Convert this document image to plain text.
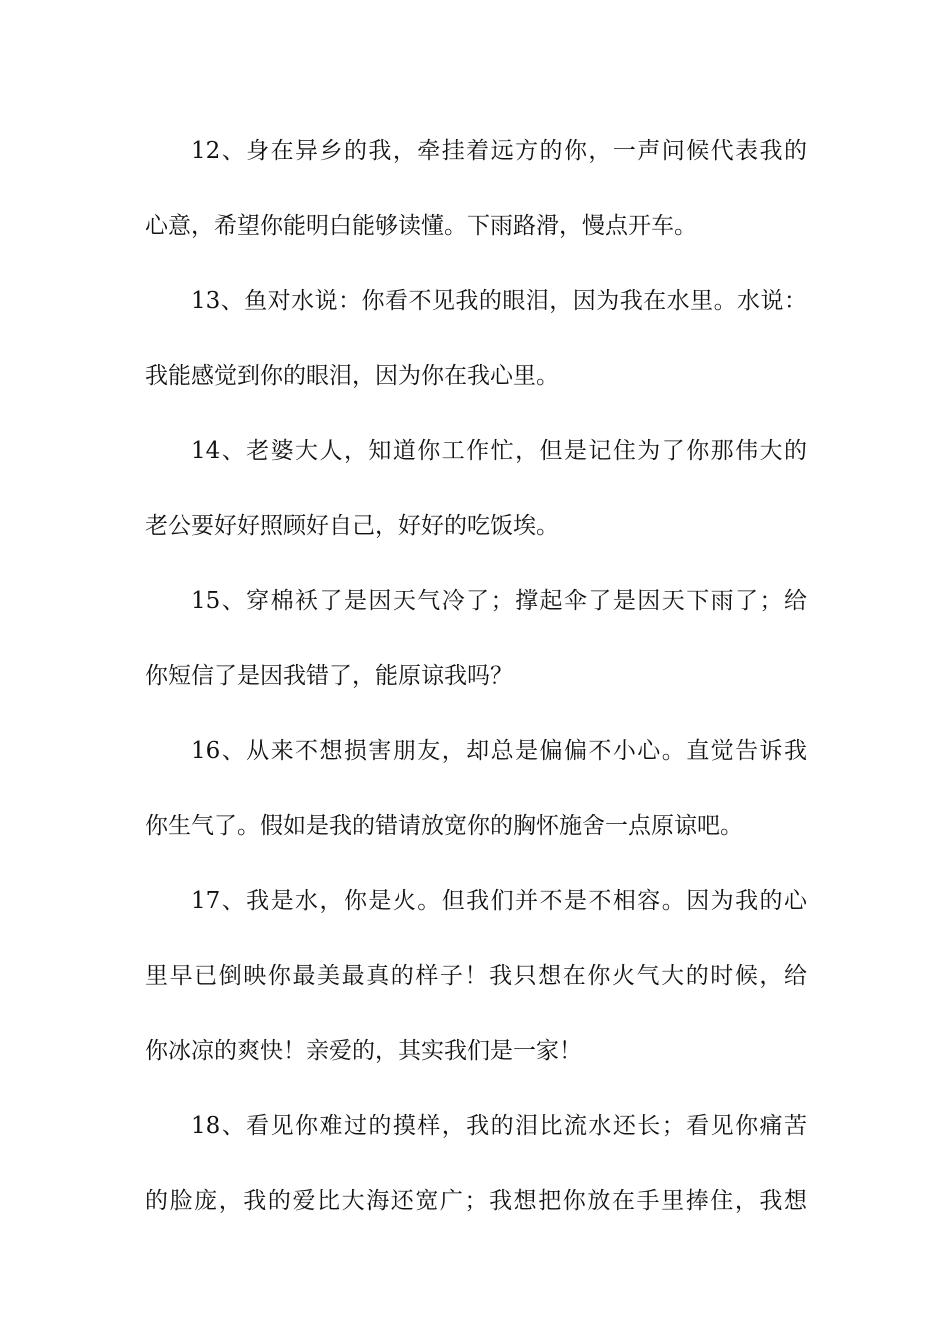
12、身在异乡的我，牵挂着远方的你，一声问候代表我的
心意，希望你能明白能够读懂。下雨路滑，慢点开车。
13、鱼对水说：你看不见我的眼泪，因为我在水里。水说：
我能感觉到你的眼泪，因为你在我心里。
14、老婆大人，知道你工作忙，但是记住为了你那伟大的
老公要好好照顾好自己，好好的吃饭埃。
15、穿棉袄了是因天气冷了；撑起伞了是因天下雨了；给
你短信了是因我错了，能原谅我吗？
16、从来不想损害朋友，却总是偏偏不小心。直觉告诉我
你生气了。假如是我的错请放宽你的胸怀施舍一点原谅吧。
17、我是水，你是火。但我们并不是不相容。因为我的心
里早已倒映你最美最真的样子！我只想在你火气大的时候，给
你冰凉的爽快！亲爱的，其实我们是一家！
18、看见你难过的摸样，我的泪比流水还长；看见你痛苦
的脸庞，我的爱比大海还宽广；我想把你放在手里捧住，我想
